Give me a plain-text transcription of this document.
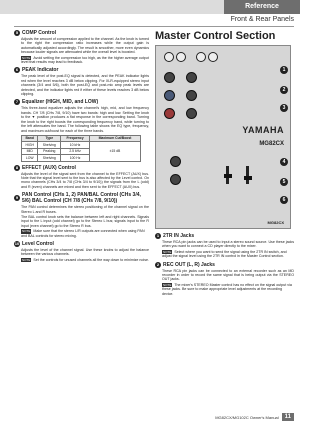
Reference
Front & Rear Panels
5 COMP Control
Adjusts the amount of compression applied to the channel. As the knob is turned to the right the compression ratio increases while the output gain is automatically adjusted accordingly. The result is smoother, more even dynamics because louder signals are attenuated while the overall level is boosted.
NOTE Avoid setting the compression too high, as the the higher average output level that results may lead to feedback.
6 PEAK Indicator
The peak level of the post-EQ signal is detected, and the PEAK indicator lights red when the level reaches 3 dB below clipping. For XLR-equipped stereo input channels (3/4 and 5/6), both the post-EQ and post-mic amp peak levels are detected, and the indicator lights red if either of these levels reaches 3 dB below clipping.
7 Equalizer (HIGH, MID, and LOW)
This three-band equalizer adjusts the channel's high, mid, and low frequency bands. CH 7/8 (CHs 7/8, 9/10) have two bands: high and low. Setting the knob to the ▼ position produces a flat response in the corresponding band. Turning the knob to the right boosts the corresponding frequency band, while turning to the left attenuates the band. The following table shows the EQ type, frequency, and maximum cut/boost for each of the three bands.
Band	Type	Frequency	Maximum Cut/Boost
HIGH	Shelving	10 kHz	±15 dB
MID	Peaking	2.5 kHz	
LOW	Shelving	100 Hz	
8 EFFECT (AUX) Control
Adjusts the level of the signal sent from the channel to the EFFECT (AUX) bus. Note that the signal level sent to the bus is also affected by the Level control. On mono channels (CHs 3/4 to 7/8 (CHs 3/4 to 9/10)) the signals from the L (odd) and R (even) channels are mixed and then sent to the EFFECT (AUX) bus.
9 PAN Control (CHs 1, 2) PAN/BAL Control (CHs 3/4, 5/6) BAL Control (CH 7/8 (CHs 7/8, 9/10))
The PAN control determines the stereo positioning of the channel signal on the Stereo L and R buses.
The BAL control knob sets the balance between left and right channels. Signals input to the L input (odd channel) go to the Stereo L bus; signals input to the R input (even channel) go to the Stereo R bus.
NOTE Make sure that the stereo L/R outputs are connected when using PAN and BAL controls for stereo mixing.
10 Level Control
Adjusts the level of the channel signal. Use these knobs to adjust the balance between the various channels.
NOTE Set the controls for unused channels all the way down to minimize noise.
Master Control Section
YAMAHA
MG82CX
1
2
3
4
5
6
MG82CX
1 2TR IN Jacks
These RCA pin jacks can be used to input a stereo sound source. Use these jacks when you want to connect a CD player directly to the mixer.
NOTE Select where you want to send the signal using the 2TR IN switch, and adjust the signal level using the 2TR IN control in the Master Control section.
2 REC OUT (L, R) Jacks
These RCA pin jacks can be connected to an external recorder such as an MD recorder in order to record the same signal that is being output via the STEREO OUT jacks.
NOTE The mixer's STEREO Master control has no effect on the signal output via these jacks. Be sure to make appropriate level adjustments at the recording device.
MG82CX/MG102C Owner's Manual	11
